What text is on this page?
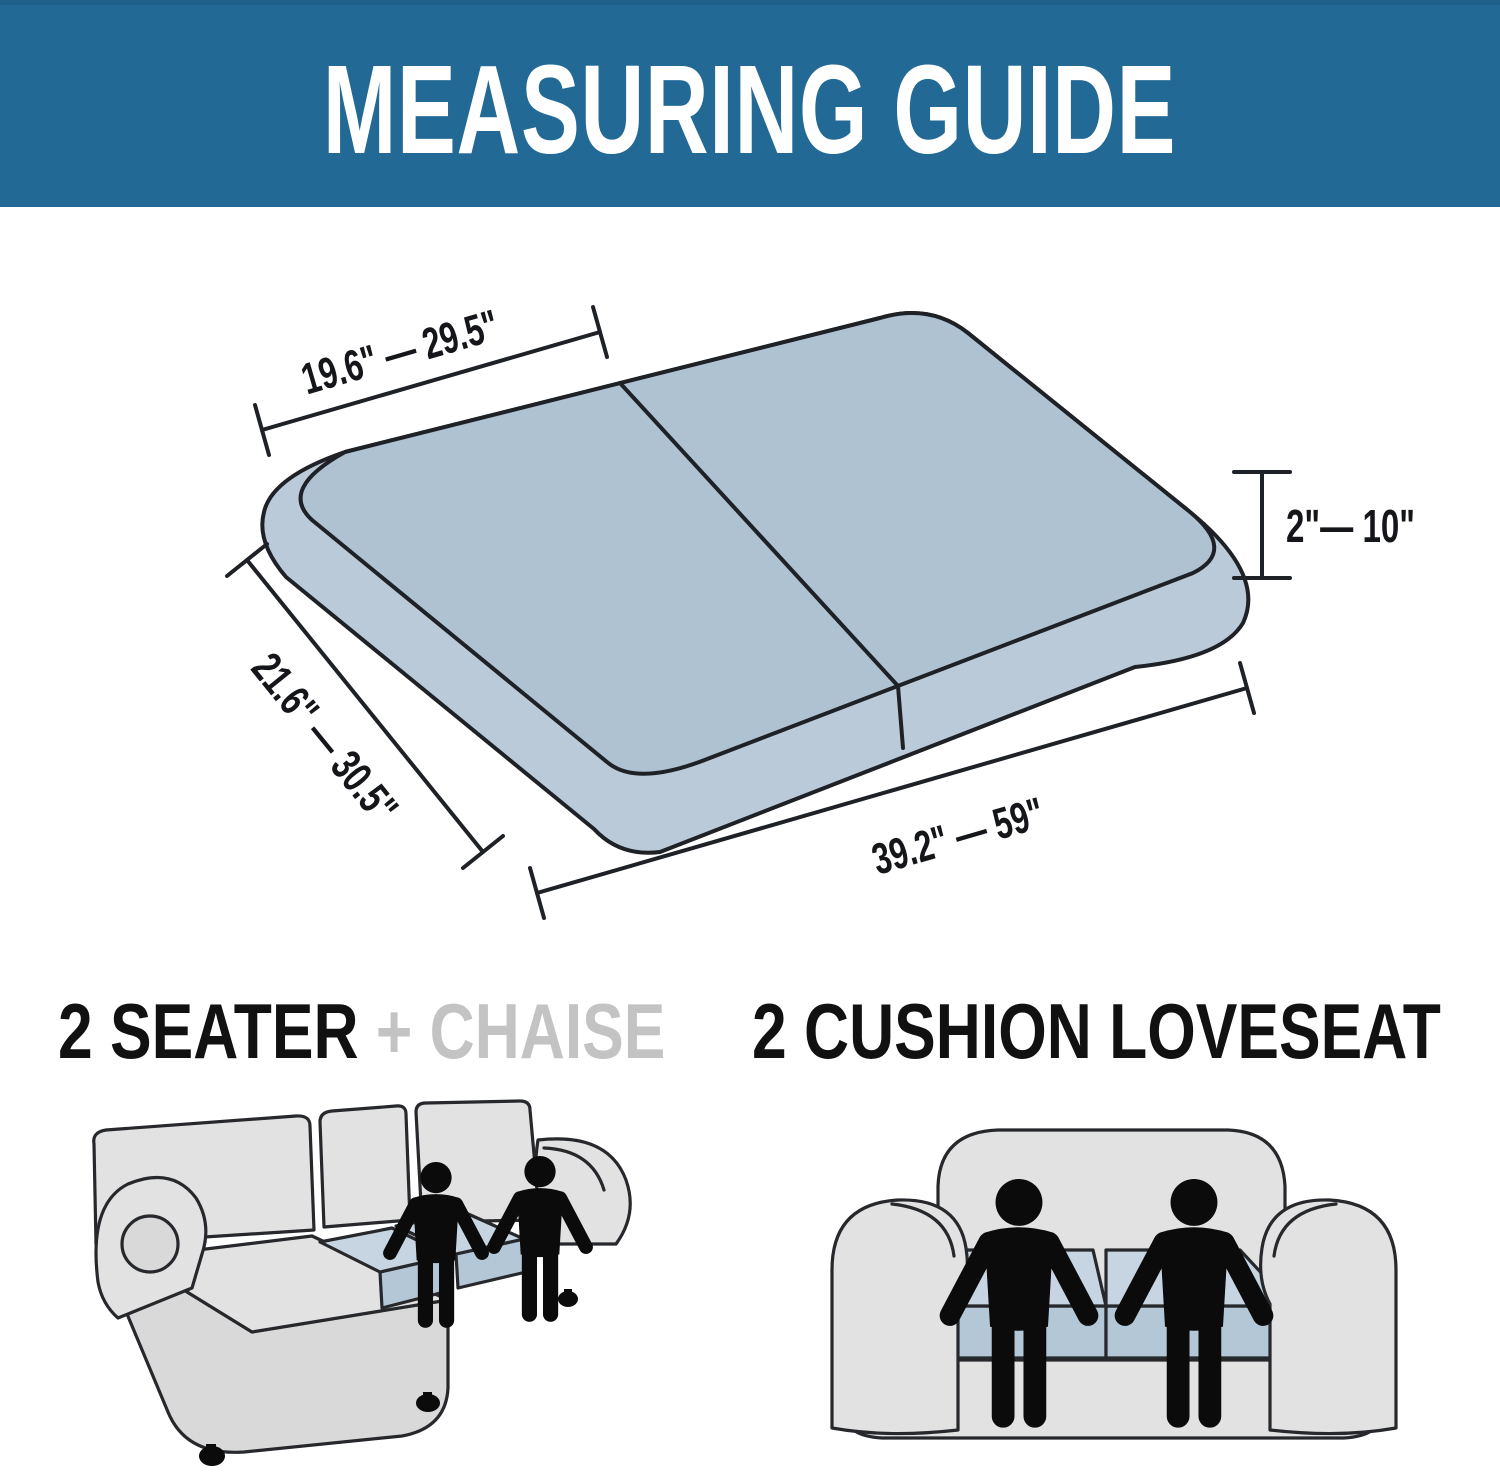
MEASURING GUIDE
19.6" — 29.5"
2"— 10"
21.6" — 30.5"
39.2" — 59"
2 SEATER + CHAISE	2 CUSHION LOVESEAT
